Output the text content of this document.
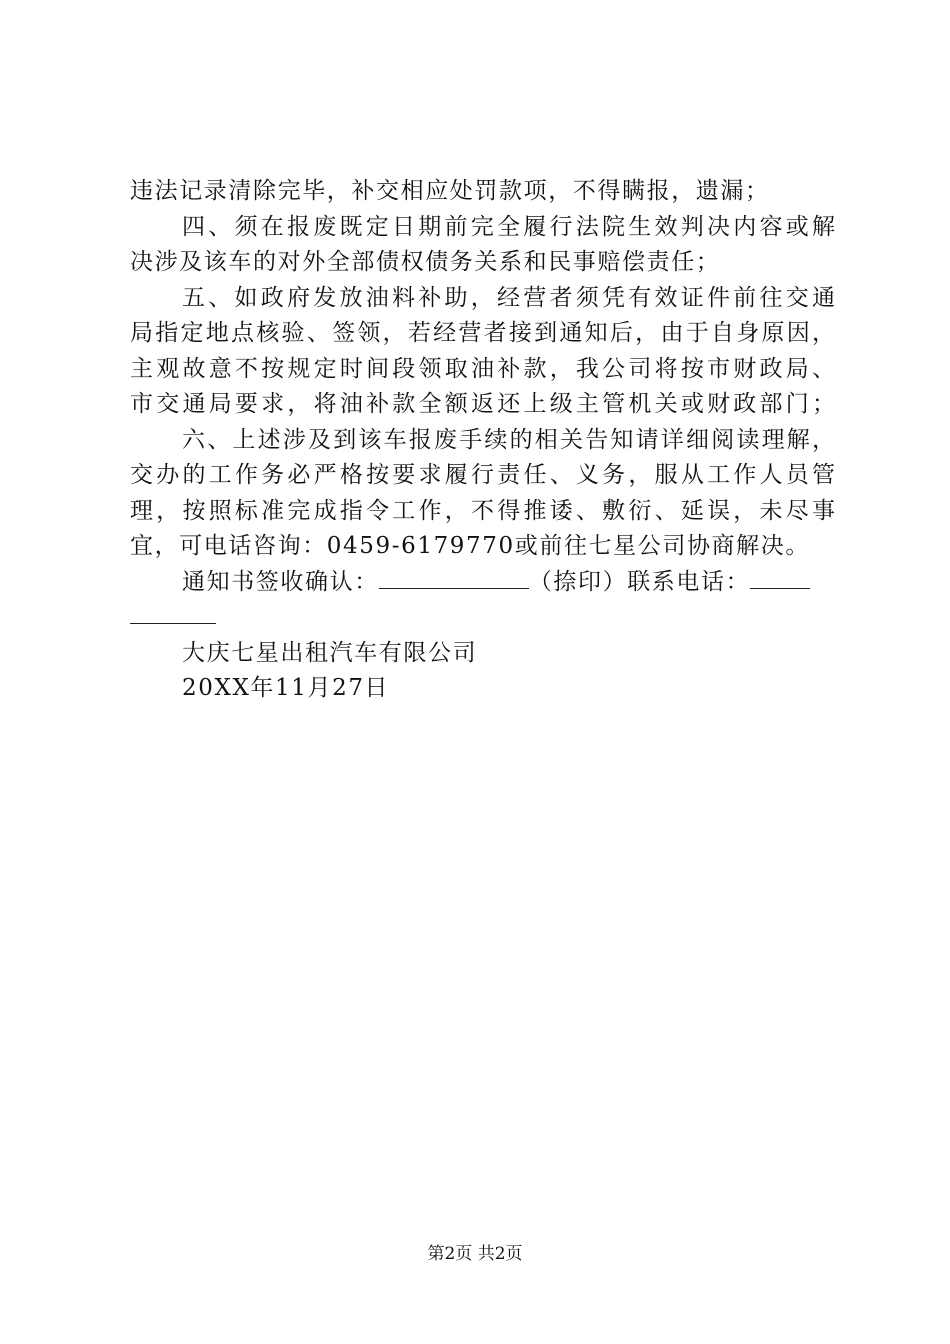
违法记录清除完毕，补交相应处罚款项，不得瞒报，遗漏；
四、须在报废既定日期前完全履行法院生效判决内容或解
决涉及该车的对外全部债权债务关系和民事赔偿责任；
五、如政府发放油料补助，经营者须凭有效证件前往交通
局指定地点核验、签领，若经营者接到通知后，由于自身原因，
主观故意不按规定时间段领取油补款，我公司将按市财政局、
市交通局要求，将油补款全额返还上级主管机关或财政部门；
六、上述涉及到该车报废手续的相关告知请详细阅读理解，
交办的工作务必严格按要求履行责任、义务，服从工作人员管
理，按照标准完成指令工作，不得推诿、敷衍、延误，未尽事
宜，可电话咨询：0459-6179770或前往七星公司协商解决。
通知书签收确认：	（捺印）联系电话：
大庆七星出租汽车有限公司
20XX年11月27日
第2页 共2页
